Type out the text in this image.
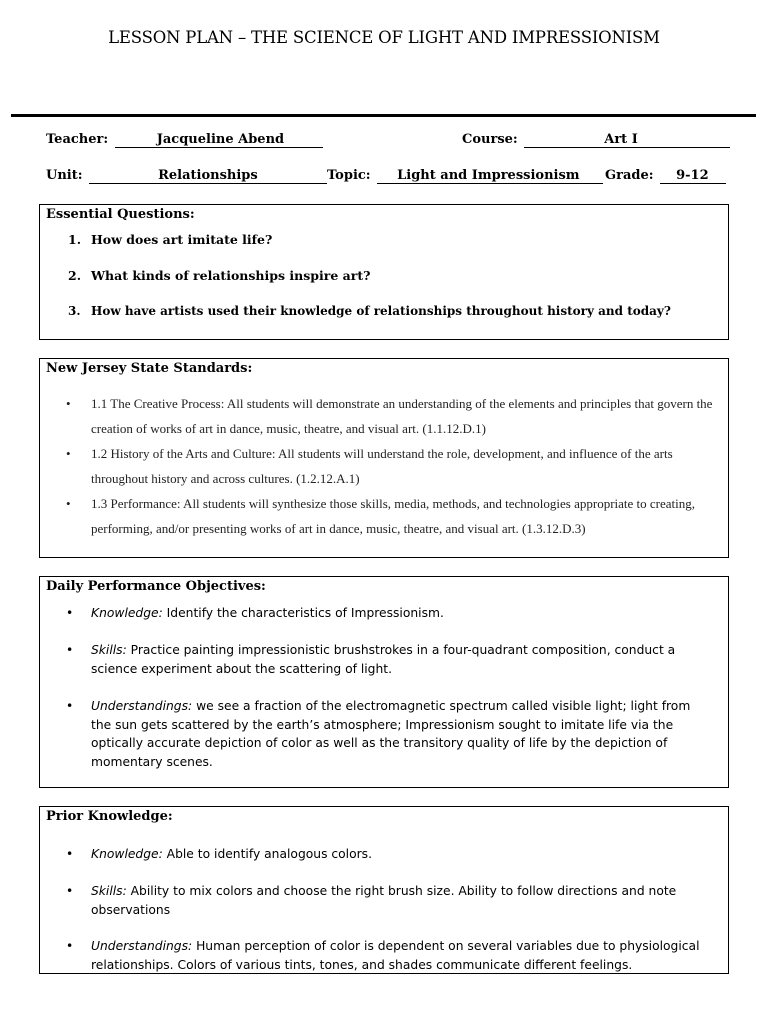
LESSON PLAN – THE SCIENCE OF LIGHT AND IMPRESSIONISM
Teacher:	Jacqueline Abend	Course:	Art I
Unit:	Relationships	Topic: Light and Impressionism	Grade: 9-12
Essential Questions:
1. How does art imitate life?
2. What kinds of relationships inspire art?
3. How have artists used their knowledge of relationships throughout history and today?
New Jersey State Standards:
• 1.1 The Creative Process: All students will demonstrate an understanding of the elements and principles that govern the creation of works of art in dance, music, theatre, and visual art. (1.1.12.D.1)
• 1.2 History of the Arts and Culture: All students will understand the role, development, and influence of the arts throughout history and across cultures. (1.2.12.A.1)
• 1.3 Performance: All students will synthesize those skills, media, methods, and technologies appropriate to creating, performing, and/or presenting works of art in dance, music, theatre, and visual art. (1.3.12.D.3)
Daily Performance Objectives:
• Knowledge: Identify the characteristics of Impressionism.
• Skills: Practice painting impressionistic brushstrokes in a four-quadrant composition, conduct a science experiment about the scattering of light.
• Understandings: we see a fraction of the electromagnetic spectrum called visible light; light from the sun gets scattered by the earth’s atmosphere; Impressionism sought to imitate life via the optically accurate depiction of color as well as the transitory quality of life by the depiction of momentary scenes.
Prior Knowledge:
• Knowledge: Able to identify analogous colors.
• Skills: Ability to mix colors and choose the right brush size. Ability to follow directions and note observations
• Understandings: Human perception of color is dependent on several variables due to physiological relationships. Colors of various tints, tones, and shades communicate different feelings.
